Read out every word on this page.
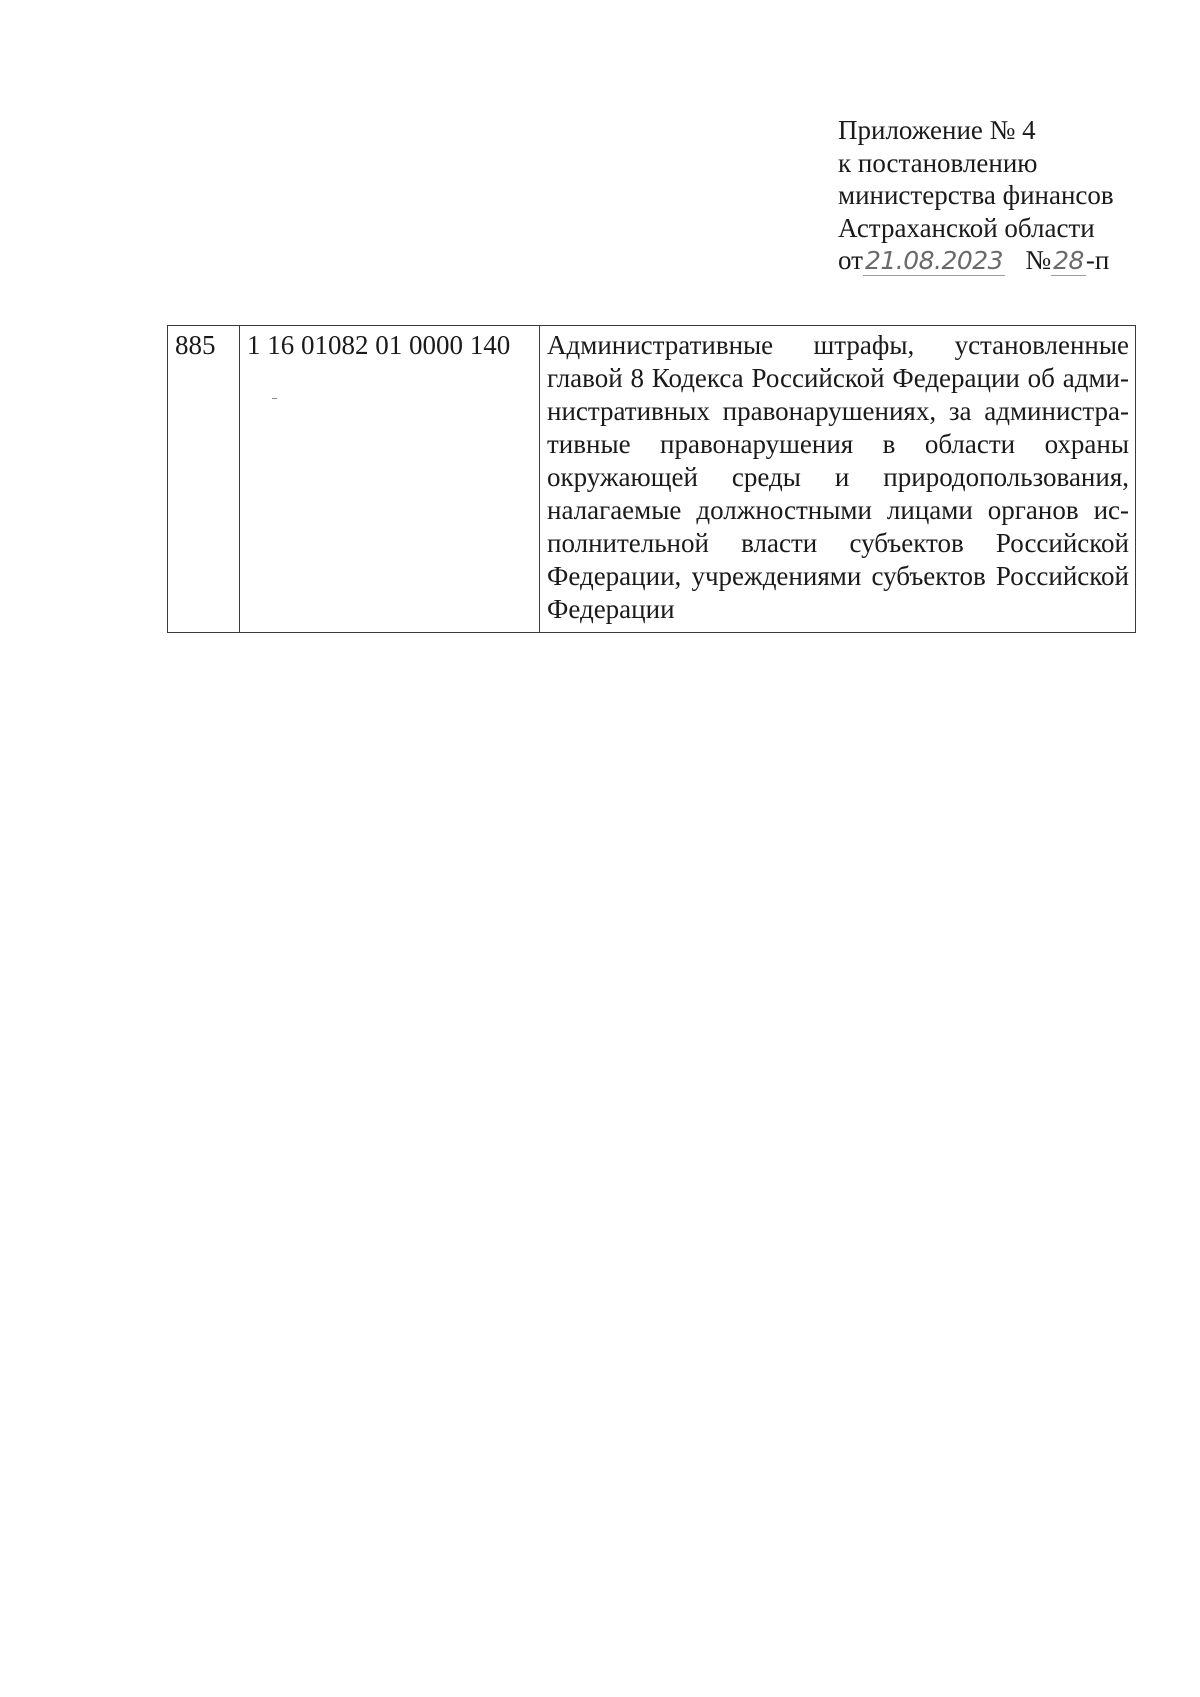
Приложение № 4
к постановлению
министерства финансов
Астраханской области
от21.08.2023 №28-п
885	1 16 01082 01 0000 140	Административные штрафы, установленные главой 8 Кодекса Российской Федерации об административных правонарушениях, за административные правонарушения в области охраны окружающей среды и природопользования, налагаемые должностными лицами органов исполнительной власти субъектов Российской Федерации, учреждениями субъектов Российской Федерации
